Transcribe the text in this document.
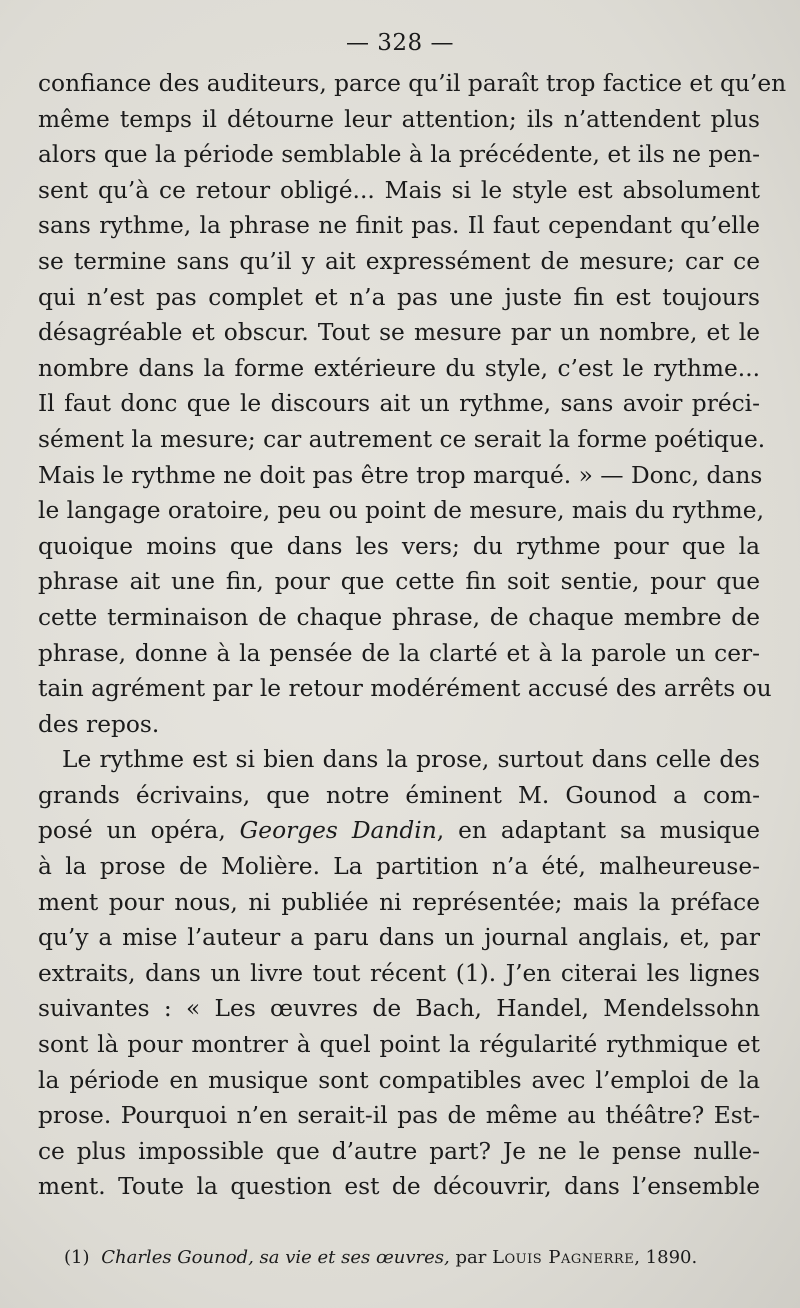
— 328 —
confiance des auditeurs, parce qu’il paraît trop factice et qu’en
même temps il détourne leur attention; ils n’attendent plus
alors que la période semblable à la précédente, et ils ne pen-
sent qu’à ce retour obligé... Mais si le style est absolument
sans rythme, la phrase ne finit pas. Il faut cependant qu’elle
se termine sans qu’il y ait expressément de mesure; car ce
qui n’est pas complet et n’a pas une juste fin est toujours
désagréable et obscur. Tout se mesure par un nombre, et le
nombre dans la forme extérieure du style, c’est le rythme...
Il faut donc que le discours ait un rythme, sans avoir préci-
sément la mesure; car autrement ce serait la forme poétique.
Mais le rythme ne doit pas être trop marqué. » — Donc, dans
le langage oratoire, peu ou point de mesure, mais du rythme,
quoique moins que dans les vers; du rythme pour que la
phrase ait une fin, pour que cette fin soit sentie, pour que
cette terminaison de chaque phrase, de chaque membre de
phrase, donne à la pensée de la clarté et à la parole un cer-
tain agrément par le retour modérément accusé des arrêts ou
des repos.
Le rythme est si bien dans la prose, surtout dans celle des
grands écrivains, que notre éminent M. Gounod a com-
posé un opéra, Georges Dandin, en adaptant sa musique
à la prose de Molière. La partition n’a été, malheureuse-
ment pour nous, ni publiée ni représentée; mais la préface
qu’y a mise l’auteur a paru dans un journal anglais, et, par
extraits, dans un livre tout récent (1). J’en citerai les lignes
suivantes : « Les œuvres de Bach, Handel, Mendelssohn
sont là pour montrer à quel point la régularité rythmique et
la période en musique sont compatibles avec l’emploi de la
prose. Pourquoi n’en serait-il pas de même au théâtre? Est-
ce plus impossible que d’autre part? Je ne le pense nulle-
ment. Toute la question est de découvrir, dans l’ensemble
(1) Charles Gounod, sa vie et ses œuvres, par Louis Pagnerre, 1890.
